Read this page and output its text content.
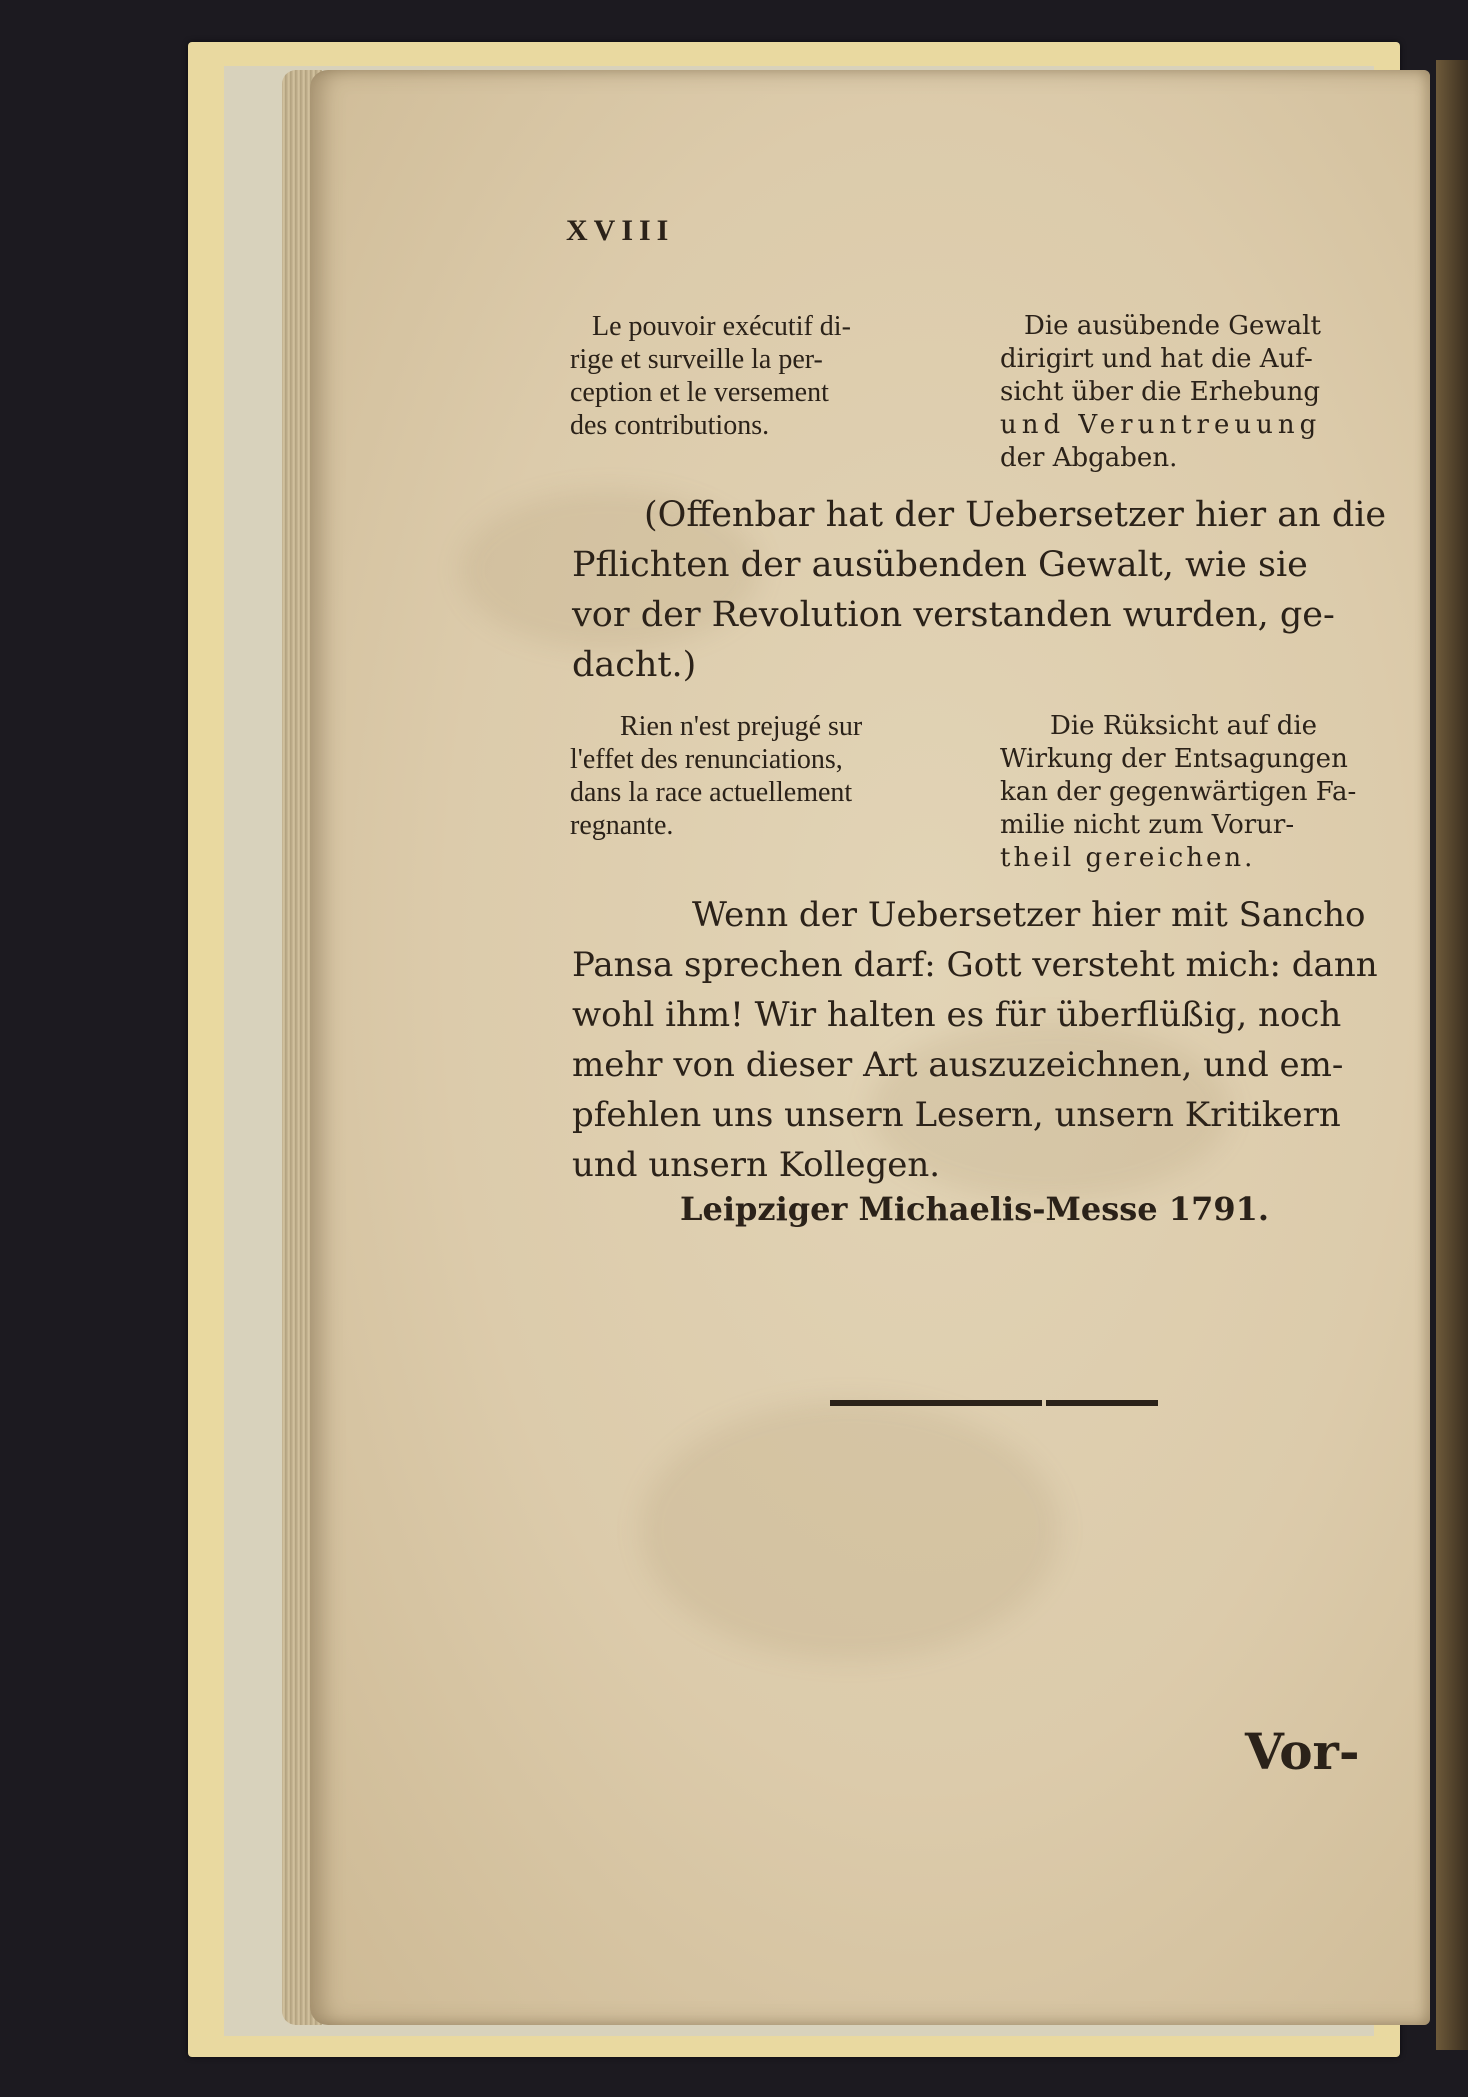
XVIII
Le pouvoir exécutif di-
rige et surveille la per-
ception et le versement
des contributions.
Die ausübende Gewalt
dirigirt und hat die Auf-
sicht über die Erhebung
und Veruntreuung
der Abgaben.
(Offenbar hat der Uebersetzer hier an die
Pflichten der ausübenden Gewalt, wie sie
vor der Revolution verstanden wurden, ge-
dacht.)
Rien n'est prejugé sur
l'effet des renunciations,
dans la race actuellement
regnante.
Die Rüksicht auf die
Wirkung der Entsagungen
kan der gegenwärtigen Fa-
milie nicht zum Vorur-
theil gereichen.
Wenn der Uebersetzer hier mit Sancho
Pansa sprechen darf: Gott versteht mich: dann
wohl ihm! Wir halten es für überflüßig, noch
mehr von dieser Art auszuzeichnen, und em-
pfehlen uns unsern Lesern, unsern Kritikern
und unsern Kollegen.
Leipziger Michaelis-Messe 1791.
Vor-
